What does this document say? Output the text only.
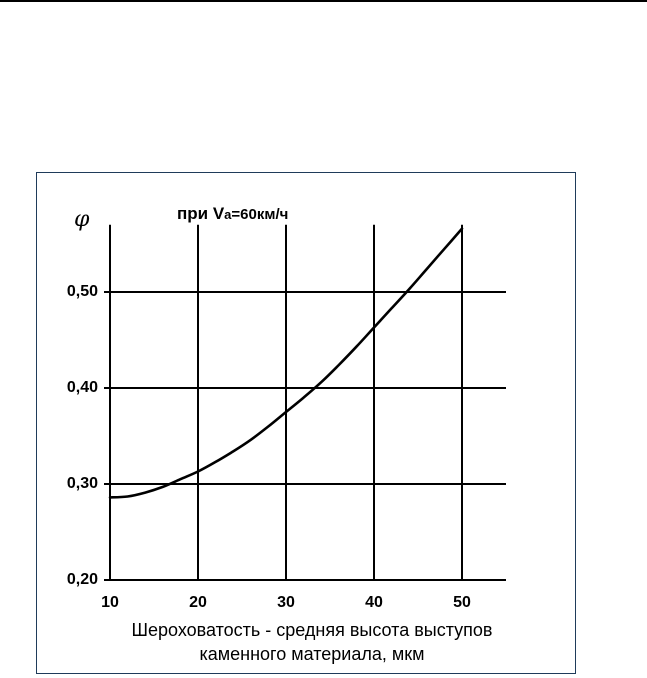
10	20	30	40	50
0,20
0,30
0,40
0,50
φ	при Vа=60км/ч
Шероховатость - средняя высота выступов
каменного материала, мкм
